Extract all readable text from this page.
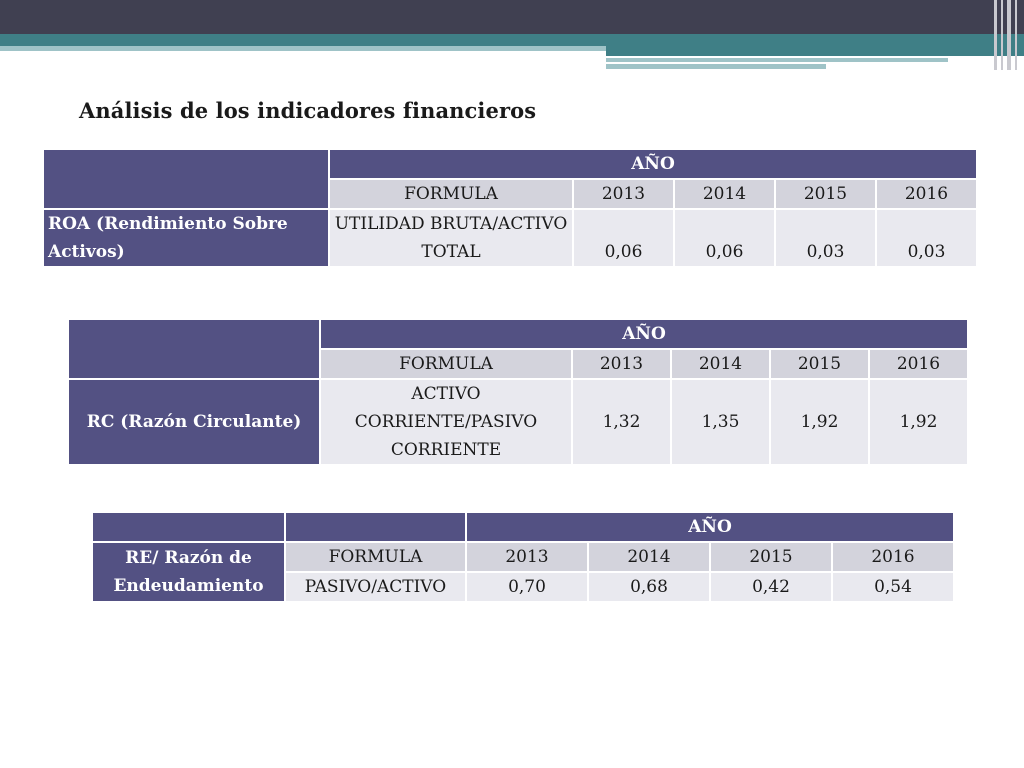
Análisis de los indicadores financieros
	AÑO				
	FORMULA	2013	2014	2015	2016
ROA (Rendimiento Sobre Activos)	UTILIDAD BRUTA/ACTIVO TOTAL	0,06	0,06	0,03	0,03
	AÑO				
	FORMULA	2013	2014	2015	2016
RC (Razón Circulante)	ACTIVO CORRIENTE/PASIVO CORRIENTE	1,32	1,35	1,92	1,92
		AÑO			
RE/ Razón de Endeudamiento	FORMULA	2013	2014	2015	2016
	PASIVO/ACTIVO	0,70	0,68	0,42	0,54
